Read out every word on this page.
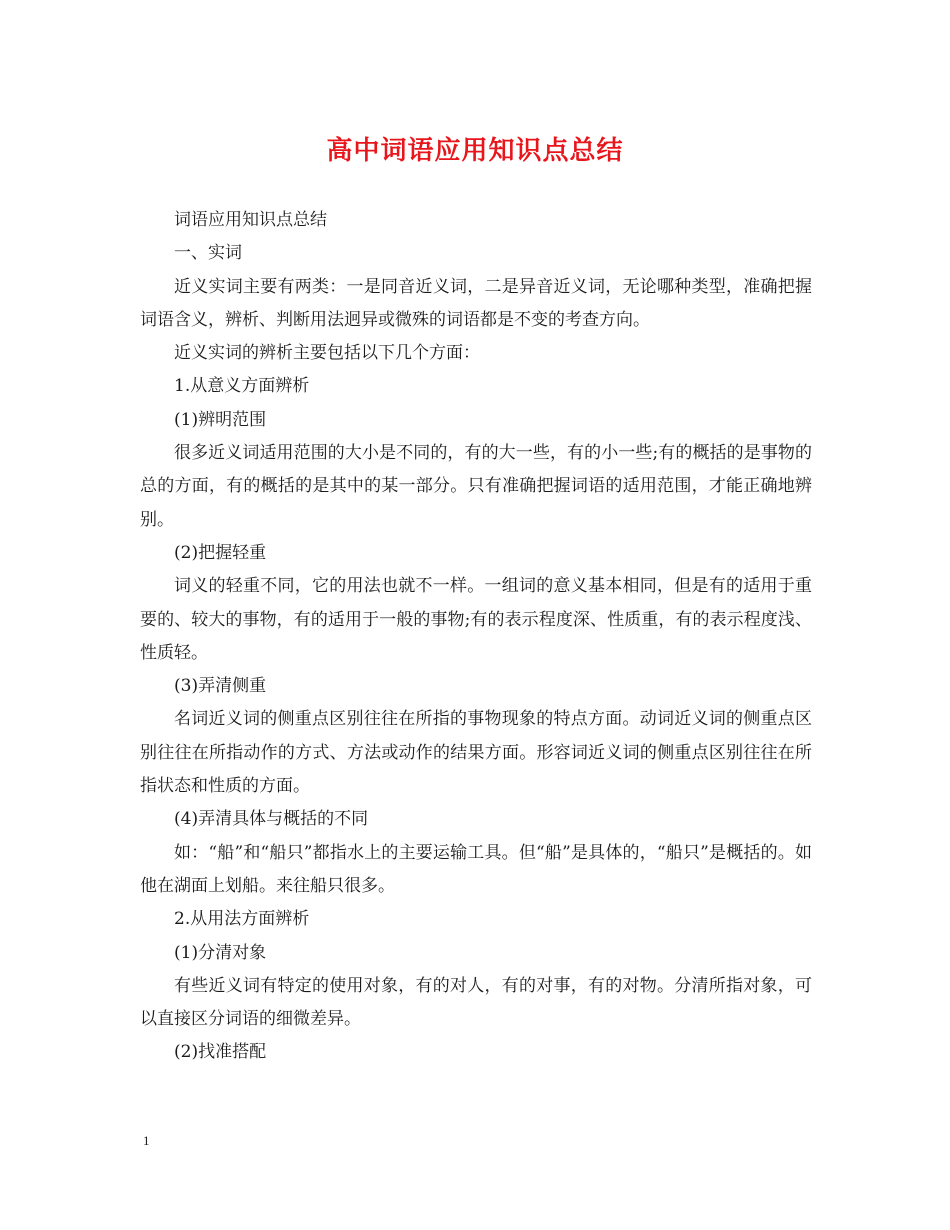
高中词语应用知识点总结

词语应用知识点总结

一、实词

近义实词主要有两类：一是同音近义词，二是异音近义词，无论哪种类型，准确把握词语含义，辨析、判断用法迥异或微殊的词语都是不变的考查方向。

近义实词的辨析主要包括以下几个方面：

1.从意义方面辨析

(1)辨明范围

很多近义词适用范围的大小是不同的，有的大一些，有的小一些;有的概括的是事物的总的方面，有的概括的是其中的某一部分。只有准确把握词语的适用范围，才能正确地辨别。

(2)把握轻重

词义的轻重不同，它的用法也就不一样。一组词的意义基本相同，但是有的适用于重要的、较大的事物，有的适用于一般的事物;有的表示程度深、性质重，有的表示程度浅、性质轻。

(3)弄清侧重

名词近义词的侧重点区别往往在所指的事物现象的特点方面。动词近义词的侧重点区别往往在所指动作的方式、方法或动作的结果方面。形容词近义词的侧重点区别往往在所指状态和性质的方面。

(4)弄清具体与概括的不同

如：“船”和“船只”都指水上的主要运输工具。但“船”是具体的，“船只”是概括的。如他在湖面上划船。来往船只很多。

2.从用法方面辨析

(1)分清对象

有些近义词有特定的使用对象，有的对人，有的对事，有的对物。分清所指对象，可以直接区分词语的细微差异。

(2)找准搭配

1
